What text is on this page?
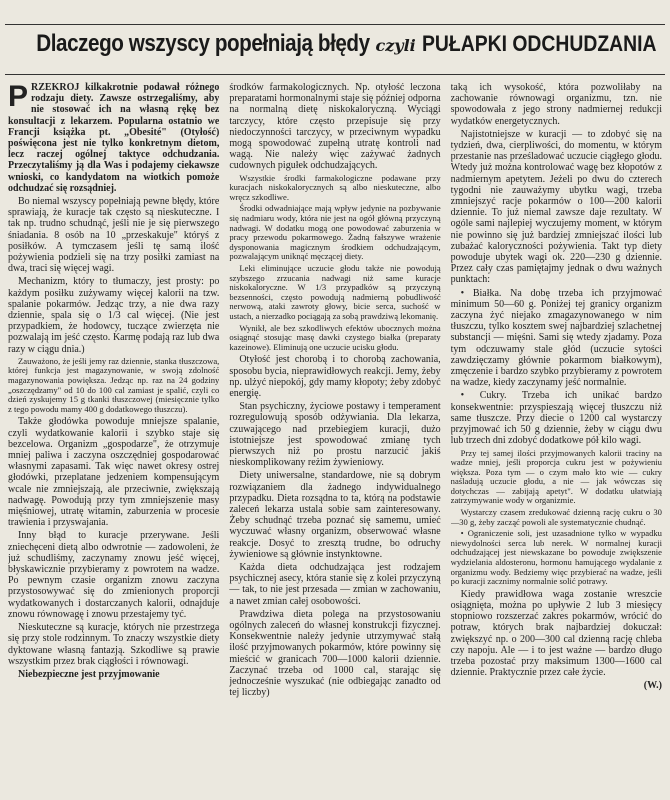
Dlaczego wszyscy popełniają błędy czyli PUŁAPKI ODCHUDZANIA

PRZEKRÓJ kilkakrotnie podawał różnego rodzaju diety. Zawsze ostrzegaliśmy, aby nie stosować ich na własną rękę bez konsultacji z lekarzem. Popularna ostatnio we Francji książka pt. „Obesité" (Otyłość) poświęcona jest nie tylko konkretnym dietom, lecz raczej ogólnej taktyce odchudzania. Przeczytaliśmy ją dla Was i podajemy ciekawsze wnioski, co kandydatom na wiotkich pomoże odchudzać się rozsądniej.

Bo niemal wszyscy popełniają pewne błędy, które sprawiają, że kuracje tak często są nieskuteczne. I tak np. trudno schudnąć, jeśli nie je się pierwszego śniadania. 8 osób na 10 „przeskakuje" któryś z posiłków. A tymczasem jeśli tę samą ilość pożywienia podzieli się na trzy posiłki zamiast na dwa, traci się więcej wagi.

Mechanizm, który to tłumaczy, jest prosty: po każdym posiłku zużywamy więcej kalorii na tzw. spalanie pokarmów. Jedząc trzy, a nie dwa razy dziennie, spala się o 1/3 cal więcej. (Nie jest przypadkiem, że hodowcy, tuczące zwierzęta nie pozwalają im jeść często. Karmę podają raz lub dwa razy w ciągu dnia.)

Zauważono, że jeśli jemy raz dziennie, stanka tłuszczowa, której funkcja jest magazynowanie, w swoją zdolność magazynowania powiększa. Jedząc np. raz na 24 godziny „oszczędzamy" od 10 do 100 cal zamiast je spalić, czyli co dzień zyskujemy 15 g tkanki tłuszczowej (miesięcznie tylko z tego powodu mamy 400 g dodatkowego tłuszczu).

Także głodówka powoduje mniejsze spalanie, czyli wydatkowanie kalorii i szybko staje się bezcelowa. Organizm „gospodarze", że otrzymuje mniej paliwa i zaczyna oszczędniej gospodarować własnymi zapasami. Tak więc nawet okresy ostrej głodówki, przeplatane jedzeniem kompensującym wcale nie zmniejszają, ale przeciwnie, zwiększają nadwagę. Powodują przy tym zmniejszenie masy mięśniowej, utratę witamin, zaburzenia w procesie trawienia i przyswajania.

Inny błąd to kuracje przerywane. Jeśli zniechęceni dietą albo odwrotnie — zadowoleni, że już schudliśmy, zaczynamy znowu jeść więcej, błyskawicznie przybieramy z powrotem na wadze. Po pewnym czasie organizm znowu zaczyna przystosowywać się do zmienionych proporcji wydatkowanych i dostarczanych kalorii, odnajduje znowu równowagę i znowu przestajemy tyć.

Nieskuteczne są kuracje, których nie przestrzega się przy stole rodzinnym. To znaczy wszystkie diety dyktowane własną fantazją. Szkodliwe są prawie wszystkim przez brak ciągłości i równowagi.

Niebezpieczne jest przyjmowanie

środków farmakologicznych. Np. otyłość leczona preparatami hormonalnymi staje się później odporna na normalną dietę niskokaloryczną. Wyciągi tarczycy, które często przepisuje się przy niedoczynności tarczycy, w przeciwnym wypadku mogą spowodować zupełną utratę kontroli nad wagą. Nie należy więc zażywać żadnych cudownych pigułek odchudzających.

Wszystkie środki farmakologiczne podawane przy kuracjach niskokalorycznych są albo nieskuteczne, albo wręcz szkodliwe.

Środki odwadniające mają wpływ jedynie na pozbywanie się nadmiaru wody, która nie jest na ogół główną przyczyną nadwagi. W dodatku mogą one powodować zaburzenia w pracy przewodu pokarmowego. Żadną fałszywe wrażenie dysponowania magicznym środkiem odchudzającym, pozwalającym uniknąć męczącej diety.

Leki eliminujące uczucie głodu także nie powodują szybszego zrzucania nadwagi niż same kuracje niskokaloryczne. W 1/3 przypadków są przyczyną bezsenności, często powodują nadmierną pobudliwość nerwową, ataki zawroty głowy, bicie serca, suchość w ustach, a nierzadko pociągają za sobą prawdziwą lekomanię.

Wynikł, ale bez szkodliwych efektów ubocznych można osiągnąć stosując masę dawki czystego białka (preparaty kazeinowe). Eliminują one uczucie ucisku głodu.

Otyłość jest chorobą i to chorobą zachowania, sposobu bycia, nieprawidłowych reakcji. Jemy, żeby np. ulżyć niepokój, gdy mamy kłopoty; żeby zdobyć energię.

Stan psychiczny, życiowe postawy i temperament rozregulowują sposób odżywiania. Dla lekarza, czuwającego nad przebiegiem kuracji, dużo istotniejsze jest spowodować zmianę tych pierwszych niż po prostu narzucić jakiś nieskomplikowany reżim żywieniowy.

Diety uniwersalne, standardowe, nie są dobrym rozwiązaniem dla żadnego indywidualnego przypadku. Dieta rozsądna to ta, którą na podstawie zaleceń lekarza ustala sobie sam zainteresowany. Żeby schudnąć trzeba poznać się samemu, umieć wyczuwać własny organizm, obserwować własne reakcje. Dosyć to zresztą trudne, bo odruchy żywieniowe są głównie instynktowne.

Każda dieta odchudzająca jest rodzajem psychicznej asecy, która stanie się z kolei przyczyną — tak, to nie jest przesada — zmian w zachowaniu, a nawet zmian całej osobowości.

Prawdziwa dieta polega na przystosowaniu ogólnych zaleceń do własnej konstrukcji fizycznej. Konsekwentnie należy jedynie utrzymywać stałą ilość przyjmowanych pokarmów, które powinny się mieścić w granicach 700—1000 kalorii dziennie. Zaczynać trzeba od 1000 cal, starając się jednocześnie wyszukać (nie odbiegając zanadto od tej liczby)

taką ich wysokość, która pozwoliłaby na zachowanie równowagi organizmu, tzn. nie spowodowała z jego strony nadmiernej redukcji wydatków energetycznych.

Najistotniejsze w kuracji — to zdobyć się na tydzień, dwa, cierpliwości, do momentu, w którym przestanie nas prześladować uczucie ciągłego głodu. Wtedy już można kontrolować wagę bez kłopotów z nadmiernym apetytem. Jeżeli po dwu do czterech tygodni nie zauważymy ubytku wagi, trzeba zmniejszyć racje pokarmów o 100—200 kalorii dziennie. To już niemal zawsze daje rezultaty. W ogóle sami najlepiej wyczujemy moment, w którym nie powinno się już bardziej zmniejszać ilości lub zubażać kaloryczności pożywienia. Takt typ diety powoduje ubytek wagi ok. 220—230 g dziennie. Przez cały czas pamiętajmy jednak o dwu ważnych punktach:

• Białka. Na dobę trzeba ich przyjmować minimum 50—60 g. Poniżej tej granicy organizm zaczyna żyć niejako zmagazynowanego w nim tłuszczu, tylko kosztem swej najbardziej szlachetnej substancji — mięśni. Sami się wtedy zjadamy. Poza tym odczuwamy stale głód (uczucie sytości zawdzięczamy głównie pokarmom białkowym), zmęczenie i bardzo szybko przybieramy z powrotem na wadze, kiedy zaczynamy jeść normalnie.

• Cukry. Trzeba ich unikać bardzo konsekwentnie: przyspieszają więcej tłuszczu niż same tłuszcze. Przy diecie o 1200 cal wystarczy przyjmować ich 50 g dziennie, żeby w ciągu dwu lub trzech dni zdobyć dodatkowe pół kilo wagi.

Przy tej samej ilości przyjmowanych kalorii traciny na wadze mniej, jeśli proporcja cukru jest w pożywieniu większa. Poza tym — o czym mało kto wie — cukry naśladują uczucie głodu, a nie — jak wówczas się dotychczas — zabijają apetyt". W dodatku ułatwiają zatrzymywanie wody w organizmie.

Wystarczy czasem zredukować dzienną rację cukru o 30—30 g, żeby zacząć powoli ale systematycznie chudnąć.

• Ograniczenie soli, jest uzasadnione tylko w wypadku niewydolności serca lub nerek. W normalnej kuracji odchudzającej jest niewskazane bo powoduje zwiększenie wydzielania aldosteronu, hormonu hamującego wydalanie z organizmu wody. Bedziemy więc przybierać na wadze, jeśli po kuracji zacznimy normalnie solić potrawy.

Kiedy prawidłowa waga zostanie wreszcie osiągnięta, można po upływie 2 lub 3 miesięcy stopniowo rozszerzać zakres pokarmów, wrócić do potraw, których brak najbardziej dokuczał: zwiększyć np. o 200—300 cal dzienną rację chleba czy napoju. Ale — i to jest ważne — bardzo długo trzeba pozostać przy maksimum 1300—1600 cal dziennie. Praktycznie przez całe życie.

(W.)
